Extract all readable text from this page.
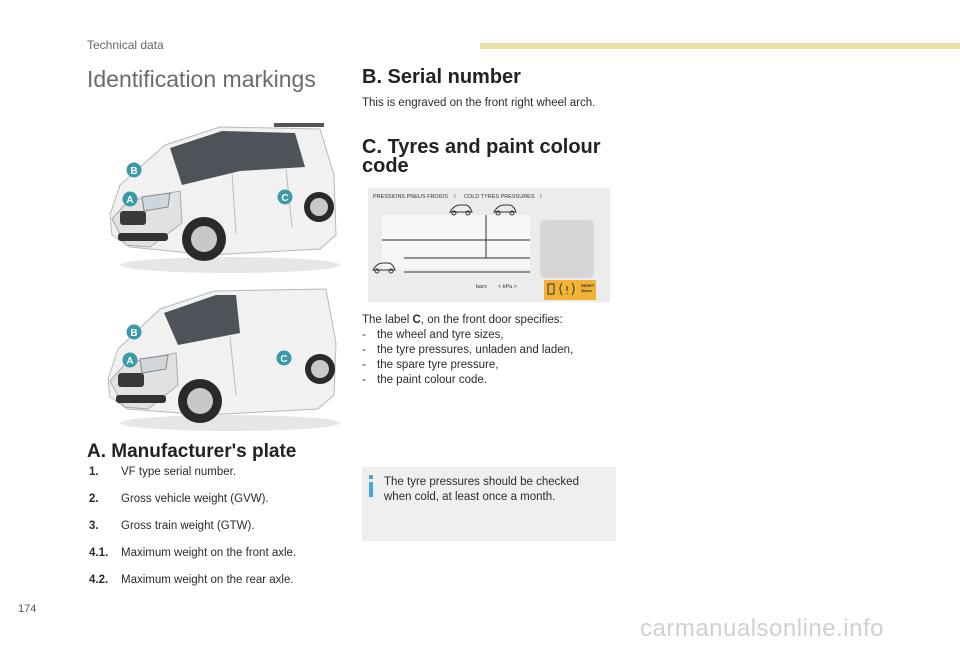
Technical data
Identification markings
B
A	C
B
A	C
B. Serial number
This is engraved on the front right wheel arch.
C. Tyres and paint colour code
PRESSIONS PNEUS FROIDS / COLD TYRES PRESSURES /
bars < kPa >	RESET
30sec
The label C, on the front door specifies:
- the wheel and tyre sizes,
- the tyre pressures, unladen and laden,
- the spare tyre pressure,
- the paint colour code.
A. Manufacturer's plate
1. VF type serial number.
2. Gross vehicle weight (GVW).
3. Gross train weight (GTW).
4.1. Maximum weight on the front axle.
4.2. Maximum weight on the rear axle.
The tyre pressures should be checked when cold, at least once a month.
174
carmanualsonline.info
